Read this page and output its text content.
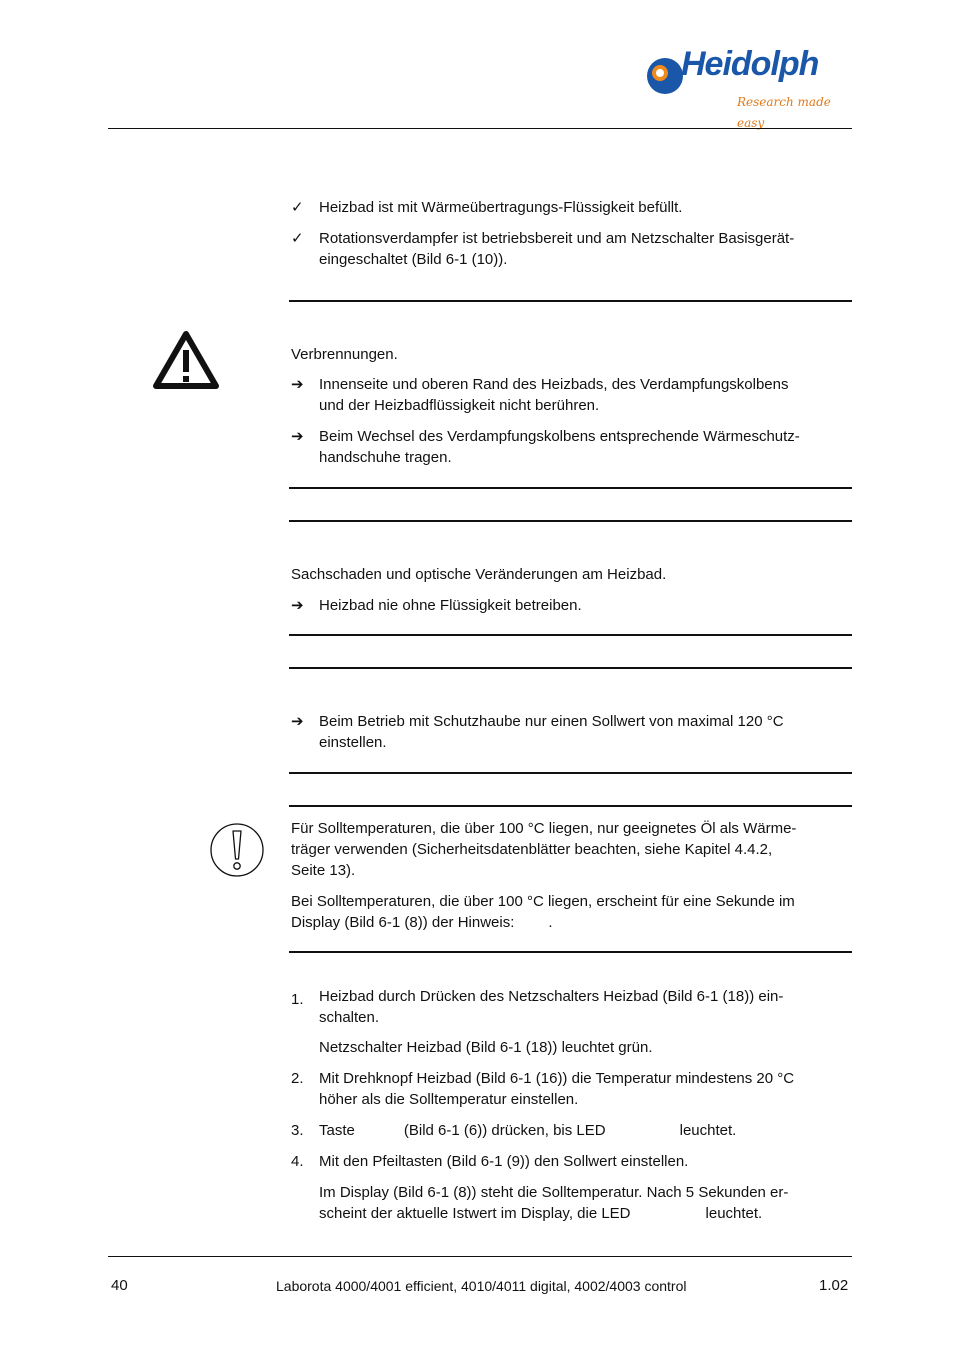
Heidolph
Research made easy
✓	Heizbad ist mit Wärmeübertragungs-Flüssigkeit befüllt.
✓	Rotationsverdampfer ist betriebsbereit und am Netzschalter Basisgerät-
eingeschaltet (Bild 6-1 (10)).
Verbrennungen.
➔	Innenseite und oberen Rand des Heizbads, des Verdampfungskolbens
und der Heizbadflüssigkeit nicht berühren.
➔	Beim Wechsel des Verdampfungskolbens entsprechende Wärmeschutz-
handschuhe tragen.
Sachschaden und optische Veränderungen am Heizbad.
➔	Heizbad nie ohne Flüssigkeit betreiben.
➔	Beim Betrieb mit Schutzhaube nur einen Sollwert von maximal 120 °C
einstellen.
Für Solltemperaturen, die über 100 °C liegen, nur geeignetes Öl als Wärme-
träger verwenden (Sicherheitsdatenblätter beachten, siehe Kapitel 4.4.2,
Seite 13).
Bei Solltemperaturen, die über 100 °C liegen, erscheint für eine Sekunde im
Display (Bild 6-1 (8)) der Hinweis: .
1.	Heizbad durch Drücken des Netzschalters Heizbad (Bild 6-1 (18)) ein-
schalten.
Netzschalter Heizbad (Bild 6-1 (18)) leuchtet grün.
2.	Mit Drehknopf Heizbad (Bild 6-1 (16)) die Temperatur mindestens 20 °C
höher als die Solltemperatur einstellen.
3.	Taste	(Bild 6-1 (6)) drücken, bis LED	leuchtet.
4.	Mit den Pfeiltasten (Bild 6-1 (9)) den Sollwert einstellen.
Im Display (Bild 6-1 (8)) steht die Solltemperatur. Nach 5 Sekunden er-
scheint der aktuelle Istwert im Display, die LED	leuchtet.
40	Laborota 4000/4001 efficient, 4010/4011 digital, 4002/4003 control	1.02
